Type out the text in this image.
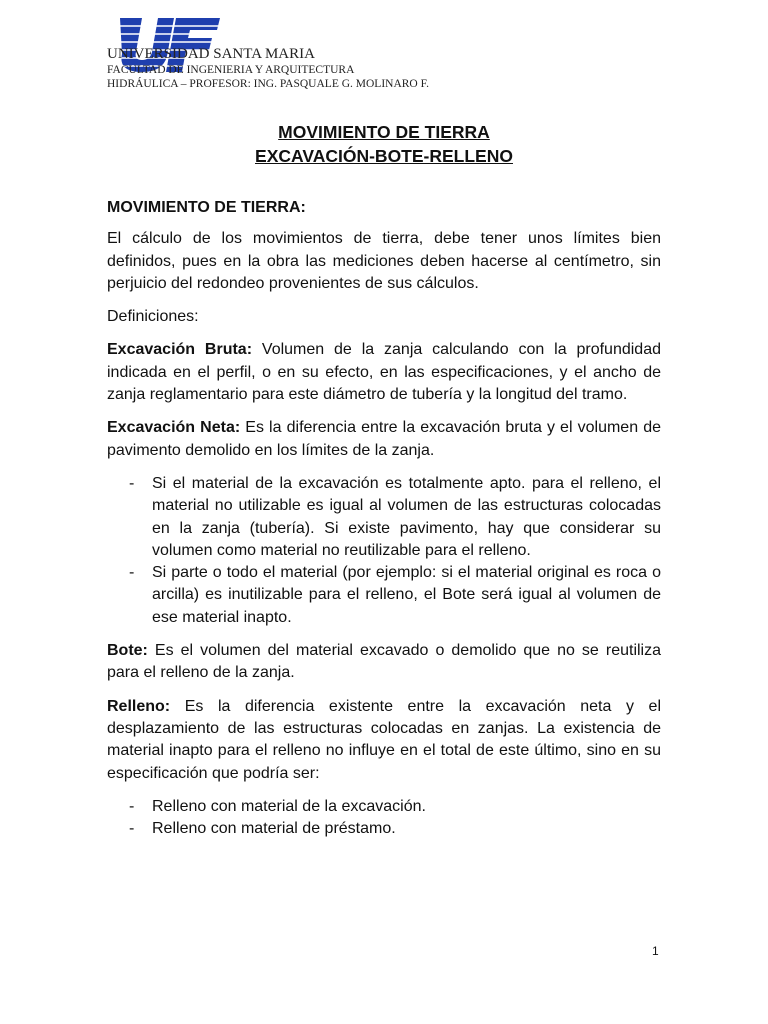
UNIVERSIDAD SANTA MARIA
FACULTAD DE INGENIERIA Y ARQUITECTURA
HIDRÁULICA – PROFESOR: ING. PASQUALE G. MOLINARO F.
MOVIMIENTO DE TIERRA
EXCAVACIÓN-BOTE-RELLENO
MOVIMIENTO DE TIERRA:

El cálculo de los movimientos de tierra, debe tener unos límites bien definidos, pues en la obra las mediciones deben hacerse al centímetro, sin perjuicio del redondeo provenientes de sus cálculos.

Definiciones:

Excavación Bruta: Volumen de la zanja calculando con la profundidad indicada en el perfil, o en su efecto, en las especificaciones, y el ancho de zanja reglamentario para este diámetro de tubería y la longitud del tramo.

Excavación Neta: Es la diferencia entre la excavación bruta y el volumen de pavimento demolido en los límites de la zanja.

- Si el material de la excavación es totalmente apto. para el relleno, el material no utilizable es igual al volumen de las estructuras colocadas en la zanja (tubería). Si existe pavimento, hay que considerar su volumen como material no reutilizable para el relleno.
- Si parte o todo el material (por ejemplo: si el material original es roca o arcilla) es inutilizable para el relleno, el Bote será igual al volumen de ese material inapto.

Bote: Es el volumen del material excavado o demolido que no se reutiliza para el relleno de la zanja.

Relleno: Es la diferencia existente entre la excavación neta y el desplazamiento de las estructuras colocadas en zanjas. La existencia de material inapto para el relleno no influye en el total de este último, sino en su especificación que podría ser:

- Relleno con material de la excavación.
- Relleno con material de préstamo.
1
